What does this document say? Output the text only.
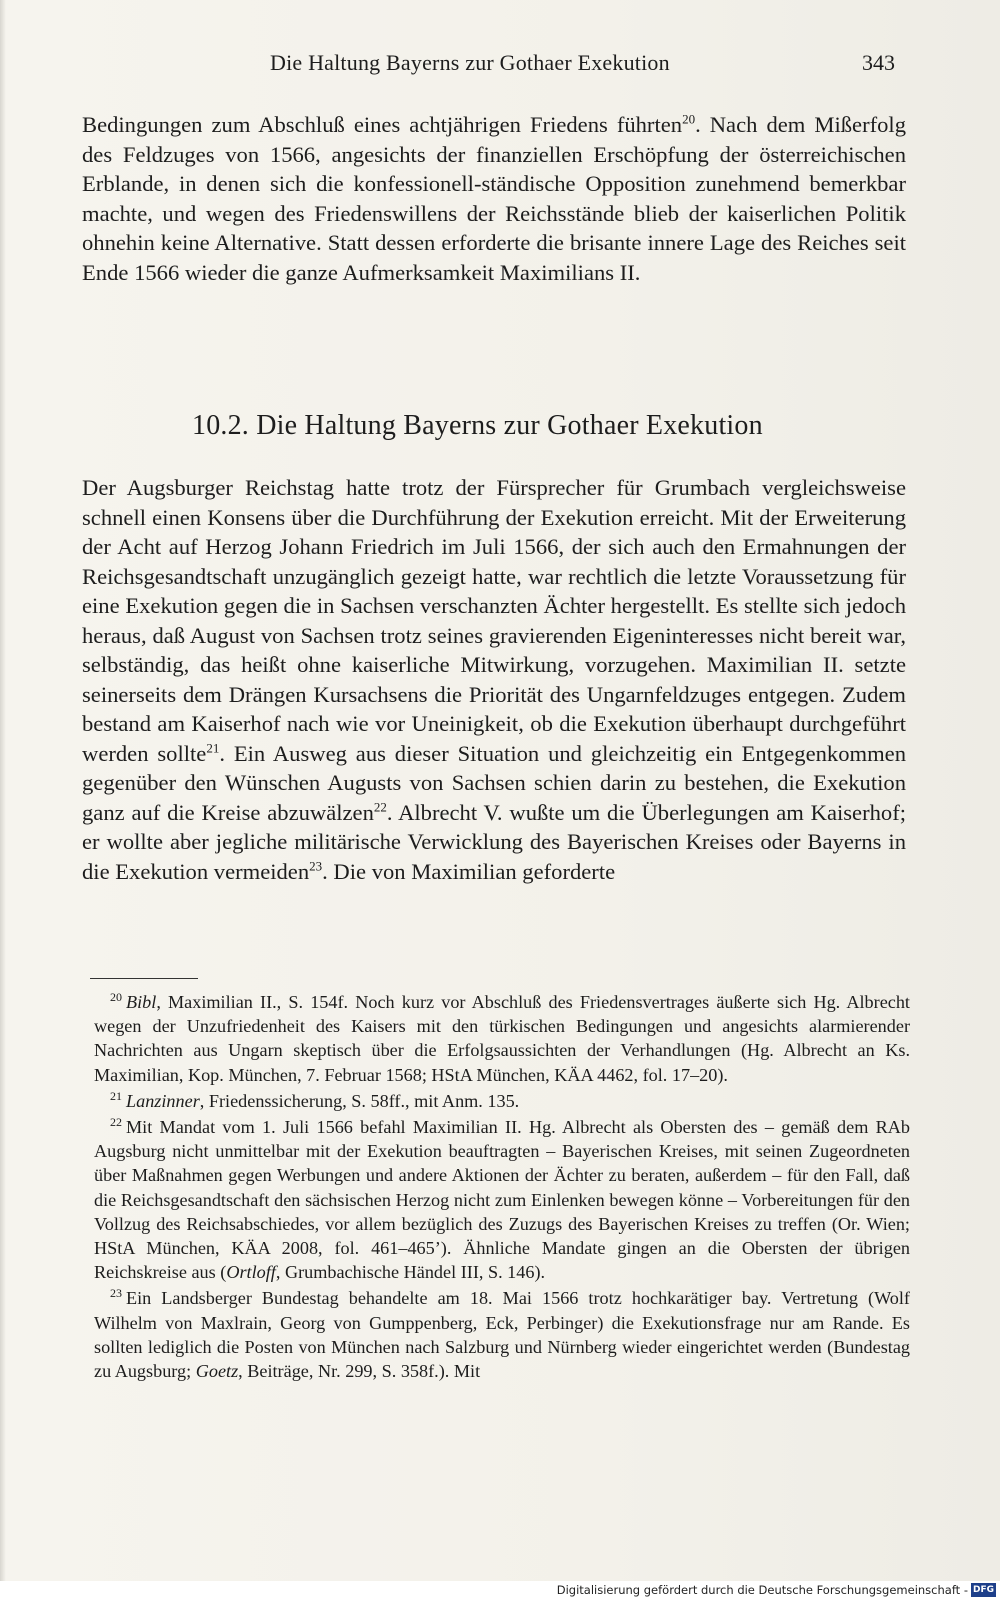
Die Haltung Bayerns zur Gothaer Exekution	343

Bedingungen zum Abschluß eines achtjährigen Friedens führten$^{20}$. Nach dem Mißerfolg des Feldzuges von 1566, angesichts der finanziellen Erschöpfung der österreichischen Erblande, in denen sich die konfessionell-ständische Opposition zunehmend bemerkbar machte, und wegen des Friedenswillens der Reichsstände blieb der kaiserlichen Politik ohnehin keine Alternative. Statt dessen erforderte die brisante innere Lage des Reiches seit Ende 1566 wieder die ganze Aufmerksamkeit Maximilians II.

10.2. Die Haltung Bayerns zur Gothaer Exekution

Der Augsburger Reichstag hatte trotz der Fürsprecher für Grumbach vergleichsweise schnell einen Konsens über die Durchführung der Exekution erreicht. Mit der Erweiterung der Acht auf Herzog Johann Friedrich im Juli 1566, der sich auch den Ermahnungen der Reichsgesandtschaft unzugänglich gezeigt hatte, war rechtlich die letzte Voraussetzung für eine Exekution gegen die in Sachsen verschanzten Ächter hergestellt. Es stellte sich jedoch heraus, daß August von Sachsen trotz seines gravierenden Eigeninteresses nicht bereit war, selbständig, das heißt ohne kaiserliche Mitwirkung, vorzugehen. Maximilian II. setzte seinerseits dem Drängen Kursachsens die Priorität des Ungarnfeldzuges entgegen. Zudem bestand am Kaiserhof nach wie vor Uneinigkeit, ob die Exekution überhaupt durchgeführt werden sollte$^{21}$. Ein Ausweg aus dieser Situation und gleichzeitig ein Entgegenkommen gegenüber den Wünschen Augusts von Sachsen schien darin zu bestehen, die Exekution ganz auf die Kreise abzuwälzen$^{22}$. Albrecht V. wußte um die Überlegungen am Kaiserhof; er wollte aber jegliche militärische Verwicklung des Bayerischen Kreises oder Bayerns in die Exekution vermeiden$^{23}$. Die von Maximilian geforderte

$^{20}$ Bibl, Maximilian II., S. 154f. Noch kurz vor Abschluß des Friedensvertrages äußerte sich Hg. Albrecht wegen der Unzufriedenheit des Kaisers mit den türkischen Bedingungen und angesichts alarmierender Nachrichten aus Ungarn skeptisch über die Erfolgsaussichten der Verhandlungen (Hg. Albrecht an Ks. Maximilian, Kop. München, 7. Februar 1568; HStA München, KÄA 4462, fol. 17–20).

$^{21}$ Lanzinner, Friedenssicherung, S. 58ff., mit Anm. 135.

$^{22}$ Mit Mandat vom 1. Juli 1566 befahl Maximilian II. Hg. Albrecht als Obersten des – gemäß dem RAb Augsburg nicht unmittelbar mit der Exekution beauftragten – Bayerischen Kreises, mit seinen Zugeordneten über Maßnahmen gegen Werbungen und andere Aktionen der Ächter zu beraten, außerdem – für den Fall, daß die Reichsgesandtschaft den sächsischen Herzog nicht zum Einlenken bewegen könne – Vorbereitungen für den Vollzug des Reichsabschiedes, vor allem bezüglich des Zuzugs des Bayerischen Kreises zu treffen (Or. Wien; HStA München, KÄA 2008, fol. 461–465’). Ähnliche Mandate gingen an die Obersten der übrigen Reichskreise aus (Ortloff, Grumbachische Händel III, S. 146).

$^{23}$ Ein Landsberger Bundestag behandelte am 18. Mai 1566 trotz hochkarätiger bay. Vertretung (Wolf Wilhelm von Maxlrain, Georg von Gumppenberg, Eck, Perbinger) die Exekutionsfrage nur am Rande. Es sollten lediglich die Posten von München nach Salzburg und Nürnberg wieder eingerichtet werden (Bundestag zu Augsburg; Goetz, Beiträge, Nr. 299, S. 358f.). Mit

Digitalisierung gefördert durch die Deutsche Forschungsgemeinschaft - DFG
